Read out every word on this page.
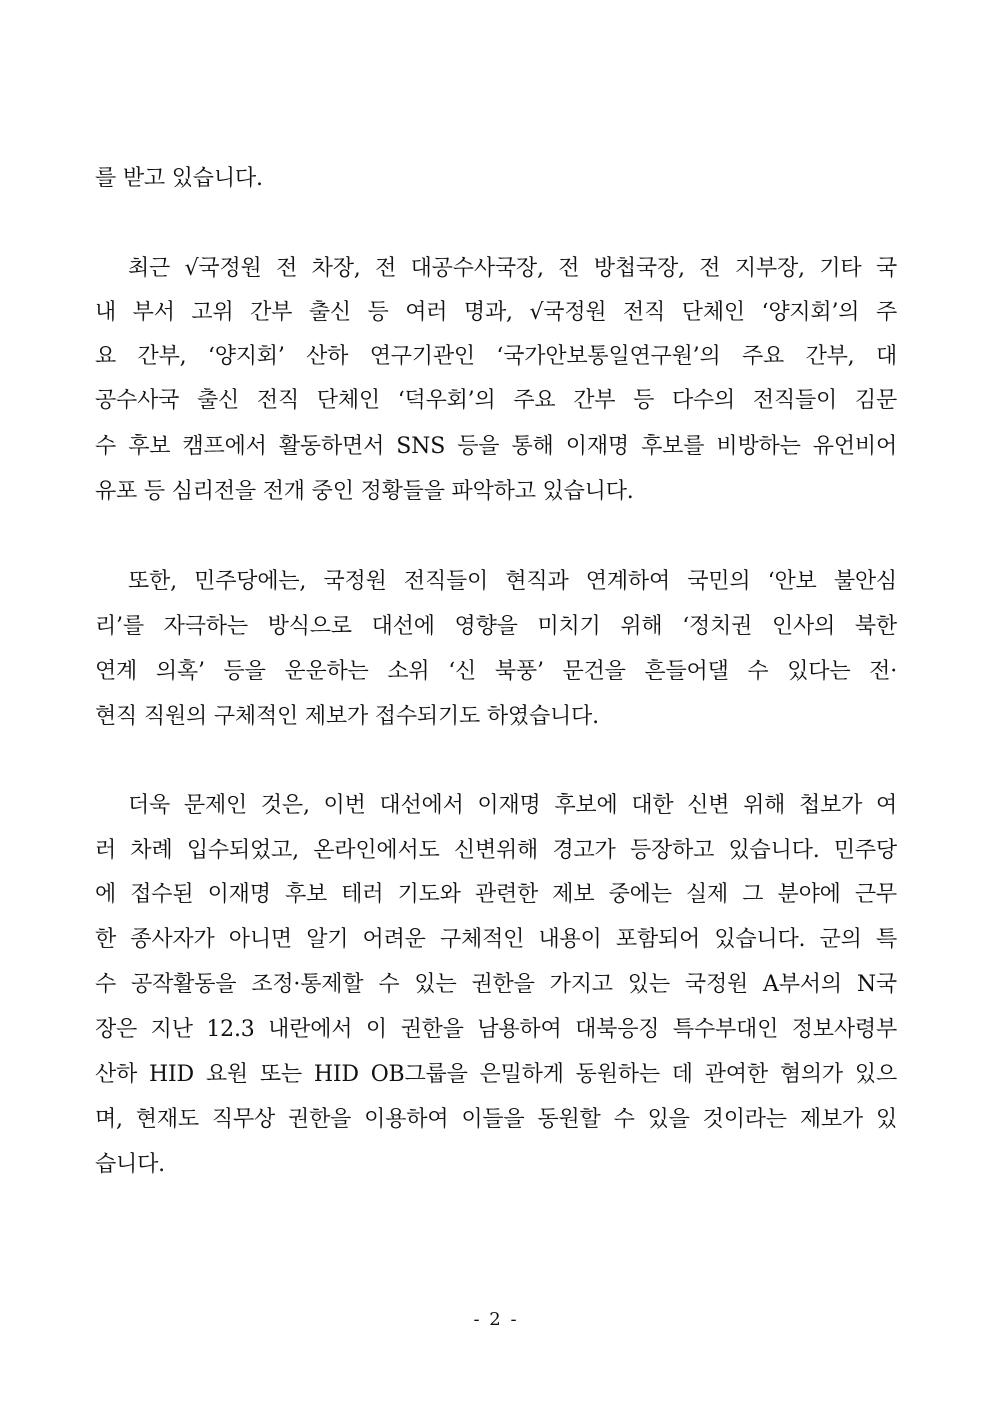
를 받고 있습니다.
최근 √국정원 전 차장, 전 대공수사국장, 전 방첩국장, 전 지부장, 기타 국
내 부서 고위 간부 출신 등 여러 명과, √국정원 전직 단체인 ‘양지회’의 주
요 간부, ‘양지회’ 산하 연구기관인 ‘국가안보통일연구원’의 주요 간부, 대
공수사국 출신 전직 단체인 ‘덕우회’의 주요 간부 등 다수의 전직들이 김문
수 후보 캠프에서 활동하면서 SNS 등을 통해 이재명 후보를 비방하는 유언비어
유포 등 심리전을 전개 중인 정황들을 파악하고 있습니다.
또한, 민주당에는, 국정원 전직들이 현직과 연계하여 국민의 ‘안보 불안심
리’를 자극하는 방식으로 대선에 영향을 미치기 위해 ‘정치권 인사의 북한
연계 의혹’ 등을 운운하는 소위 ‘신 북풍’ 문건을 흔들어댈 수 있다는 전·
현직 직원의 구체적인 제보가 접수되기도 하였습니다.
더욱 문제인 것은, 이번 대선에서 이재명 후보에 대한 신변 위해 첩보가 여
러 차례 입수되었고, 온라인에서도 신변위해 경고가 등장하고 있습니다. 민주당
에 접수된 이재명 후보 테러 기도와 관련한 제보 중에는 실제 그 분야에 근무
한 종사자가 아니면 알기 어려운 구체적인 내용이 포함되어 있습니다. 군의 특
수 공작활동을 조정·통제할 수 있는 권한을 가지고 있는 국정원 A부서의 N국
장은 지난 12.3 내란에서 이 권한을 남용하여 대북응징 특수부대인 정보사령부
산하 HID 요원 또는 HID OB그룹을 은밀하게 동원하는 데 관여한 혐의가 있으
며, 현재도 직무상 권한을 이용하여 이들을 동원할 수 있을 것이라는 제보가 있
습니다.
- 2 -
